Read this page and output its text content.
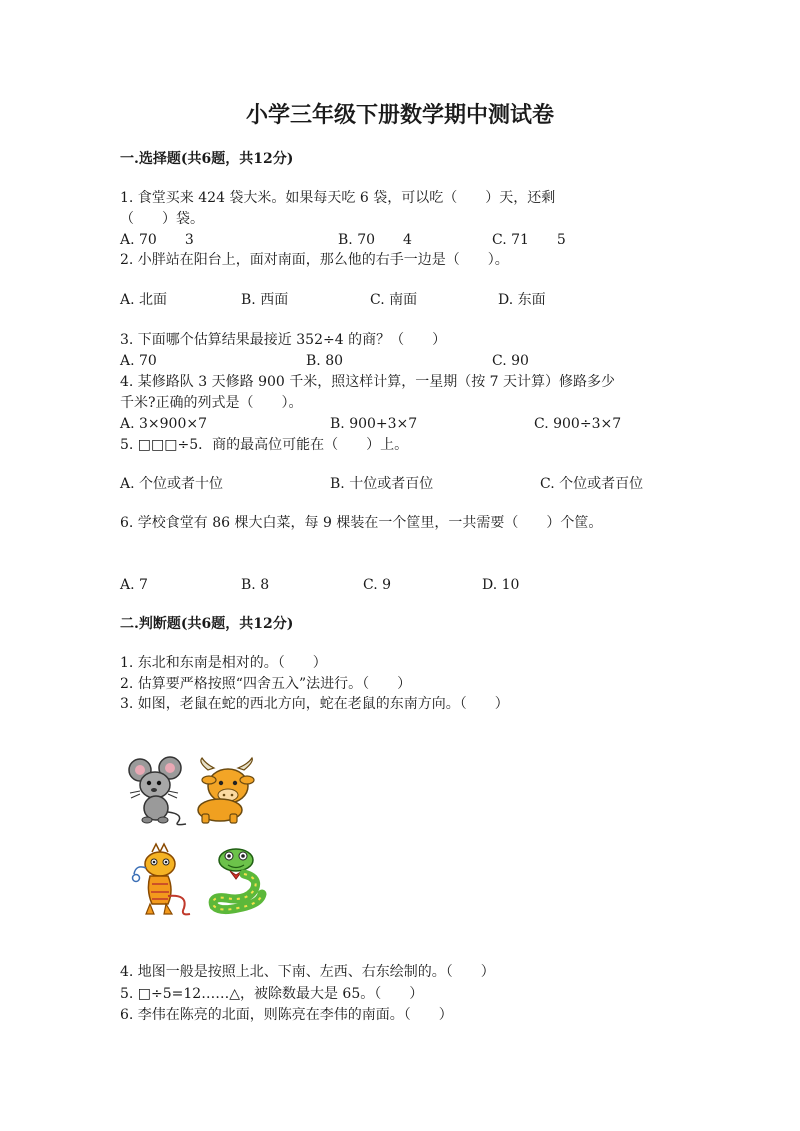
小学三年级下册数学期中测试卷
一.选择题(共6题，共12分)
1. 食堂买来 424 袋大米。如果每天吃 6 袋，可以吃（　　）天，还剩
（　　）袋。
A. 70　　3	B. 70　　4	C. 71　　5
2. 小胖站在阳台上，面对南面，那么他的右手一边是（　　）。
A. 北面	B. 西面	C. 南面	D. 东面
3. 下面哪个估算结果最接近 352÷4 的商？（　　）
A. 70	B. 80	C. 90
4. 某修路队 3 天修路 900 千米，照这样计算，一星期（按 7 天计算）修路多少
千米?正确的列式是（　　）。
A. 3×900×7	B. 900+3×7	C. 900÷3×7
5. □□□÷5．商的最高位可能在（　　）上。
A. 个位或者十位	B. 十位或者百位	C. 个位或者百位
6. 学校食堂有 86 棵大白菜，每 9 棵装在一个筐里，一共需要（　　）个筐。
A. 7	B. 8	C. 9	D. 10
二.判断题(共6题，共12分)
1. 东北和东南是相对的。（　　）
2. 估算要严格按照“四舍五入”法进行。（　　）
3. 如图，老鼠在蛇的西北方向，蛇在老鼠的东南方向。（　　）
4. 地图一般是按照上北、下南、左西、右东绘制的。（　　）
5. □÷5=12……△，被除数最大是 65。（　　）
6. 李伟在陈亮的北面，则陈亮在李伟的南面。（　　）
